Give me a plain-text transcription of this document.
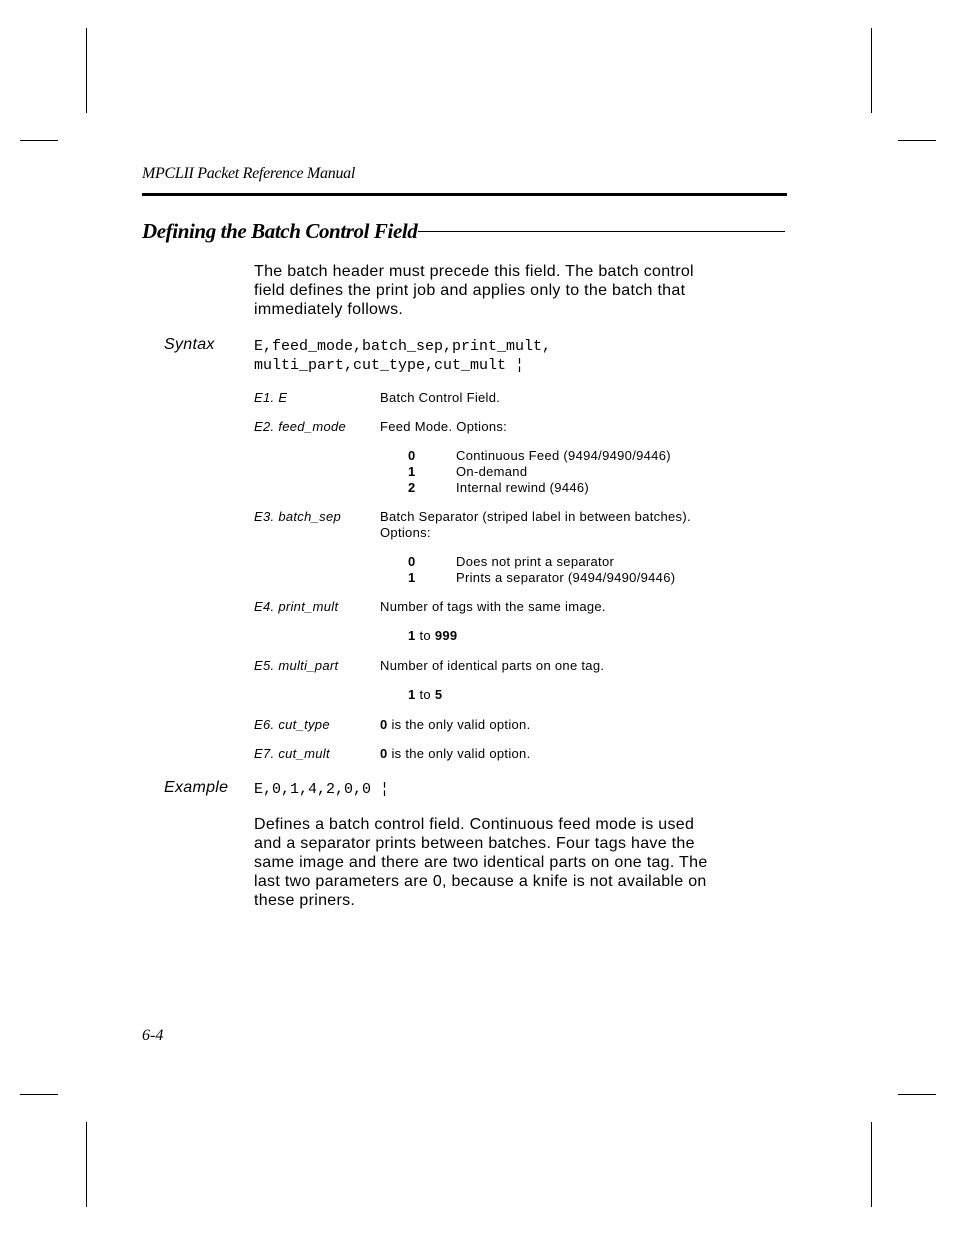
MPCLII Packet Reference Manual
Defining the Batch Control Field
The batch header must precede this field. The batch control
field defines the print job and applies only to the batch that
immediately follows.
Syntax	E,feed_mode,batch_sep,print_mult,
multi_part,cut_type,cut_mult ¦
E1. E	Batch Control Field.
E2. feed_mode	Feed Mode. Options:
0	Continuous Feed (9494/9490/9446)
1	On-demand
2	Internal rewind (9446)
E3. batch_sep	Batch Separator (striped label in between batches).
Options:
0	Does not print a separator
1	Prints a separator (9494/9490/9446)
E4. print_mult	Number of tags with the same image.
1 to 999
E5. multi_part	Number of identical parts on one tag.
1 to 5
E6. cut_type	0 is the only valid option.
E7. cut_mult	0 is the only valid option.
Example E,0,1,4,2,0,0 ¦
Defines a batch control field. Continuous feed mode is used
and a separator prints between batches. Four tags have the
same image and there are two identical parts on one tag. The
last two parameters are 0, because a knife is not available on
these priners.
6-4
